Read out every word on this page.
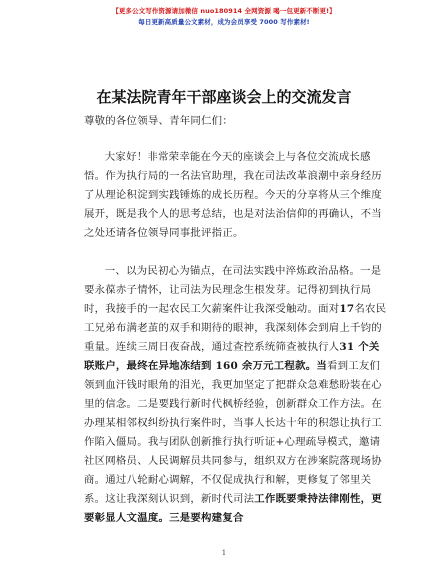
【更多公文写作资源请加微信 nuo180914 全网资源 喝一包更新不断更!】
每日更新高质量公文素材，成为会员享受 7000 写作素材!
在某法院青年干部座谈会上的交流发言
尊敬的各位领导、青年同仁们：
大家好！非常荣幸能在今天的座谈会上与各位交流成长感悟。作为执行局的一名法官助理，我在司法改革浪潮中亲身经历了从理论积淀到实践锤炼的成长历程。今天的分享将从三个维度展开，既是我个人的思考总结，也是对法治信仰的再确认，不当之处还请各位领导同事批评指正。
一、以为民初心为锚点，在司法实践中淬炼政治品格。一是要永葆赤子情怀，让司法为民理念生根发芽。记得初到执行局时，我接手的一起农民工欠薪案件让我深受触动。面对17名农民工兄弟布满老茧的双手和期待的眼神，我深刻体会到肩上千钧的重量。连续三周日夜奋战，通过查控系统筛查被执行人31 个关联账户，最终在异地冻结到 160 余万元工程款。当看到工友们领到血汗钱时眼角的泪光，我更加坚定了把群众急难愁盼装在心里的信念。二是要践行新时代枫桥经验，创新群众工作方法。在办理某相邻权纠纷执行案件时，当事人长达十年的积怨让执行工作陷入僵局。我与团队创新推行执行听证+心理疏导模式，邀请社区网格员、人民调解员共同参与，组织双方在涉案院落现场协商。通过八轮耐心调解，不仅促成执行和解，更修复了邻里关系。这让我深刻认识到，新时代司法工作既要秉持法律刚性，更要彰显人文温度。三是要构建复合
1
